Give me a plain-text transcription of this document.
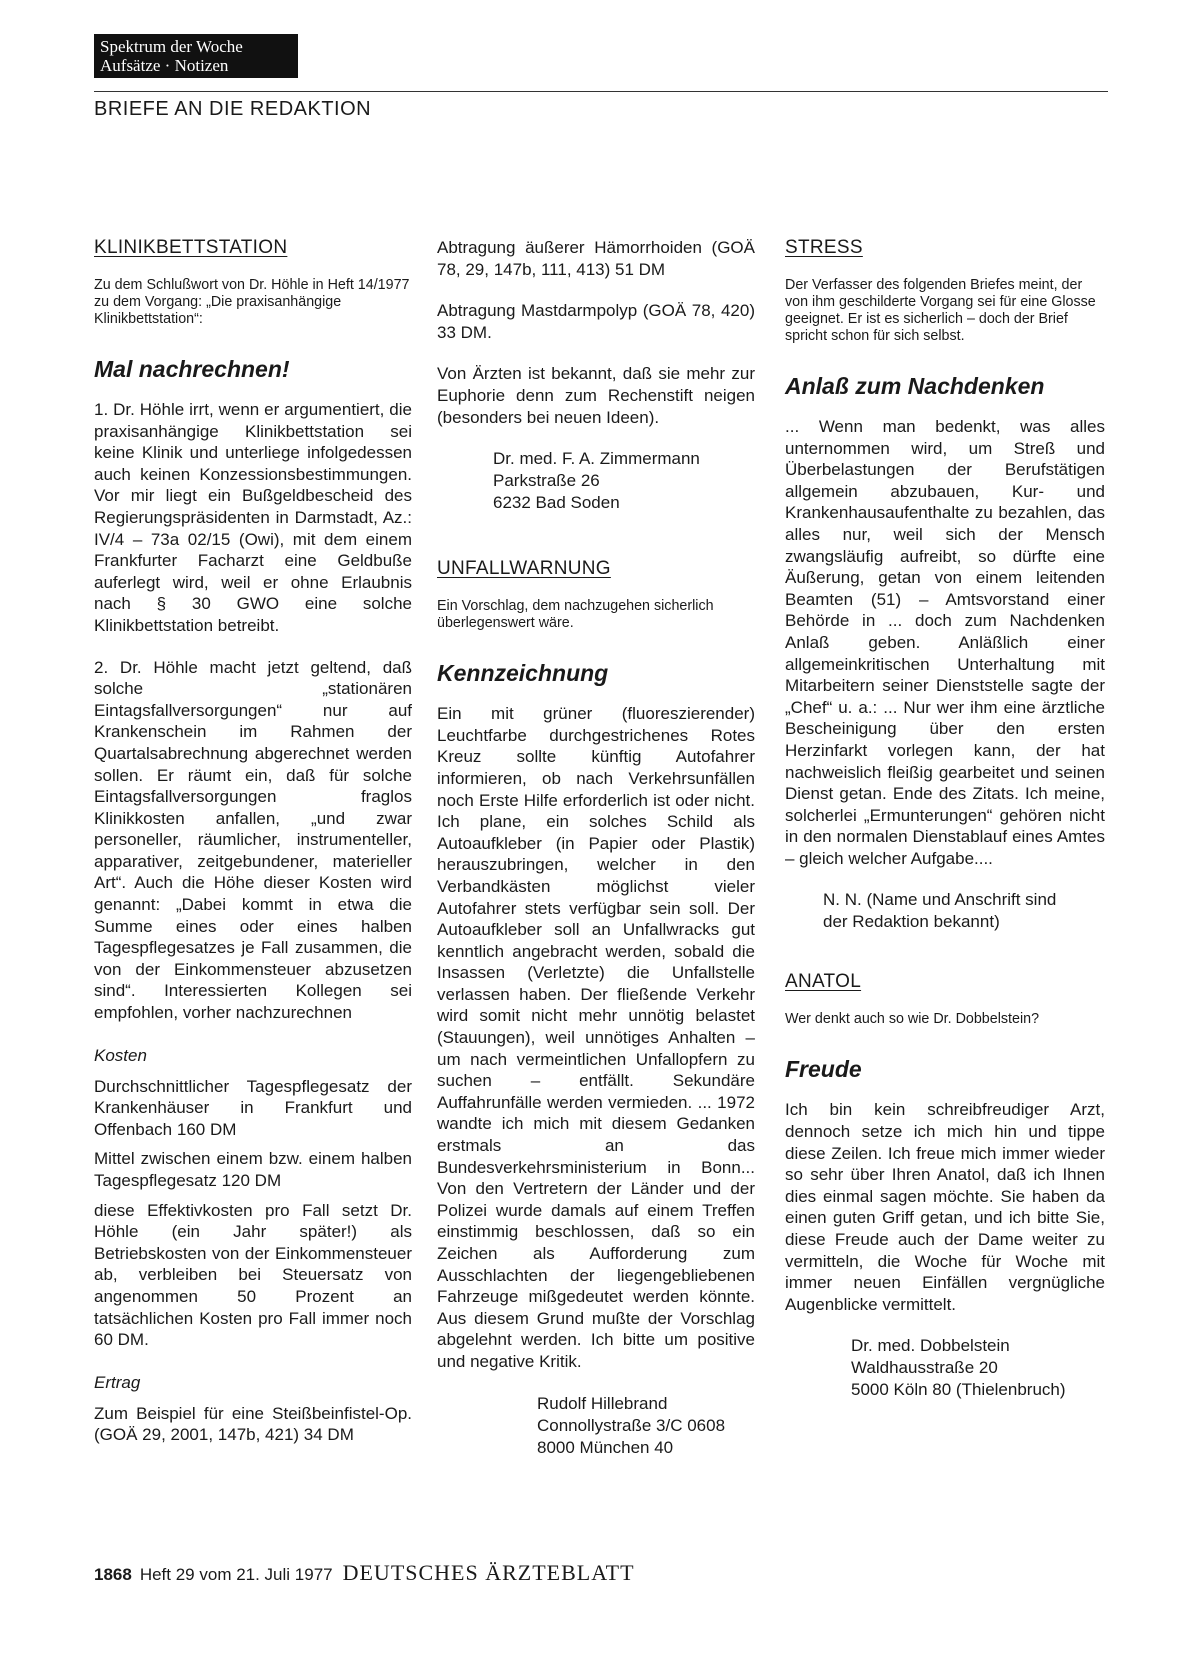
Spektrum der Woche
Aufsätze · Notizen
BRIEFE AN DIE REDAKTION
KLINIKBETTSTATION

Zu dem Schlußwort von Dr. Höhle in Heft 14/1977 zu dem Vorgang: „Die praxisanhängige Klinikbettstation“:

Mal nachrechnen!

1. Dr. Höhle irrt, wenn er argumentiert, die praxisanhängige Klinikbettstation sei keine Klinik und unterliege infolgedessen auch keinen Konzessionsbestimmungen. Vor mir liegt ein Bußgeldbescheid des Regierungspräsidenten in Darmstadt, Az.: IV/4 – 73a 02/15 (Owi), mit dem einem Frankfurter Facharzt eine Geldbuße auferlegt wird, weil er ohne Erlaubnis nach § 30 GWO eine solche Klinikbettstation betreibt.

2. Dr. Höhle macht jetzt geltend, daß solche „stationären Eintagsfallversorgungen“ nur auf Krankenschein im Rahmen der Quartalsabrechnung abgerechnet werden sollen. Er räumt ein, daß für solche Eintagsfallversorgungen fraglos Klinikkosten anfallen, „und zwar personeller, räumlicher, instrumenteller, apparativer, zeitgebundener, materieller Art“. Auch die Höhe dieser Kosten wird genannt: „Dabei kommt in etwa die Summe eines oder eines halben Tagespflegesatzes je Fall zusammen, die von der Einkommensteuer abzusetzen sind“. Interessierten Kollegen sei empfohlen, vorher nachzurechnen

Kosten

Durchschnittlicher Tagespflegesatz der Krankenhäuser in Frankfurt und Offenbach 160 DM

Mittel zwischen einem bzw. einem halben Tagespflegesatz 120 DM

diese Effektivkosten pro Fall setzt Dr. Höhle (ein Jahr später!) als Betriebskosten von der Einkommensteuer ab, verbleiben bei Steuersatz von angenommen 50 Prozent an tatsächlichen Kosten pro Fall immer noch 60 DM.

Ertrag

Zum Beispiel für eine Steißbeinfistel-Op. (GOÄ 29, 2001, 147b, 421) 34 DM

Abtragung äußerer Hämorrhoiden (GOÄ 78, 29, 147b, 111, 413) 51 DM

Abtragung Mastdarmpolyp (GOÄ 78, 420) 33 DM.

Von Ärzten ist bekannt, daß sie mehr zur Euphorie denn zum Rechenstift neigen (besonders bei neuen Ideen).

Dr. med. F. A. Zimmermann
Parkstraße 26
6232 Bad Soden
UNFALLWARNUNG

Ein Vorschlag, dem nachzugehen sicherlich überlegenswert wäre.

Kennzeichnung

Ein mit grüner (fluoreszierender) Leuchtfarbe durchgestrichenes Rotes Kreuz sollte künftig Autofahrer informieren, ob nach Verkehrsunfällen noch Erste Hilfe erforderlich ist oder nicht. Ich plane, ein solches Schild als Autoaufkleber (in Papier oder Plastik) herauszubringen, welcher in den Verbandkästen möglichst vieler Autofahrer stets verfügbar sein soll. Der Autoaufkleber soll an Unfallwracks gut kenntlich angebracht werden, sobald die Insassen (Verletzte) die Unfallstelle verlassen haben. Der fließende Verkehr wird somit nicht mehr unnötig belastet (Stauungen), weil unnötiges Anhalten – um nach vermeintlichen Unfallopfern zu suchen – entfällt. Sekundäre Auffahrunfälle werden vermieden. ... 1972 wandte ich mich mit diesem Gedanken erstmals an das Bundesverkehrsministerium in Bonn... Von den Vertretern der Länder und der Polizei wurde damals auf einem Treffen einstimmig beschlossen, daß so ein Zeichen als Aufforderung zum Ausschlachten der liegengebliebenen Fahrzeuge mißgedeutet werden könnte. Aus diesem Grund mußte der Vorschlag abgelehnt werden. Ich bitte um positive und negative Kritik.

Rudolf Hillebrand
Connollystraße 3/C 0608
8000 München 40
STRESS

Der Verfasser des folgenden Briefes meint, der von ihm geschilderte Vorgang sei für eine Glosse geeignet. Er ist es sicherlich – doch der Brief spricht schon für sich selbst.

Anlaß zum Nachdenken

... Wenn man bedenkt, was alles unternommen wird, um Streß und Überbelastungen der Berufstätigen allgemein abzubauen, Kur- und Krankenhausaufenthalte zu bezahlen, das alles nur, weil sich der Mensch zwangsläufig aufreibt, so dürfte eine Äußerung, getan von einem leitenden Beamten (51) – Amtsvorstand einer Behörde in ... doch zum Nachdenken Anlaß geben. Anläßlich einer allgemeinkritischen Unterhaltung mit Mitarbeitern seiner Dienststelle sagte der „Chef“ u. a.: ... Nur wer ihm eine ärztliche Bescheinigung über den ersten Herzinfarkt vorlegen kann, der hat nachweislich fleißig gearbeitet und seinen Dienst getan. Ende des Zitats. Ich meine, solcherlei „Ermunterungen“ gehören nicht in den normalen Dienstablauf eines Amtes – gleich welcher Aufgabe....

N. N. (Name und Anschrift sind
der Redaktion bekannt)
ANATOL

Wer denkt auch so wie Dr. Dobbelstein?

Freude

Ich bin kein schreibfreudiger Arzt, dennoch setze ich mich hin und tippe diese Zeilen. Ich freue mich immer wieder so sehr über Ihren Anatol, daß ich Ihnen dies einmal sagen möchte. Sie haben da einen guten Griff getan, und ich bitte Sie, diese Freude auch der Dame weiter zu vermitteln, die Woche für Woche mit immer neuen Einfällen vergnügliche Augenblicke vermittelt.

Dr. med. Dobbelstein
Waldhausstraße 20
5000 Köln 80 (Thielenbruch)
1868 Heft 29 vom 21. Juli 1977 DEUTSCHES ÄRZTEBLATT
